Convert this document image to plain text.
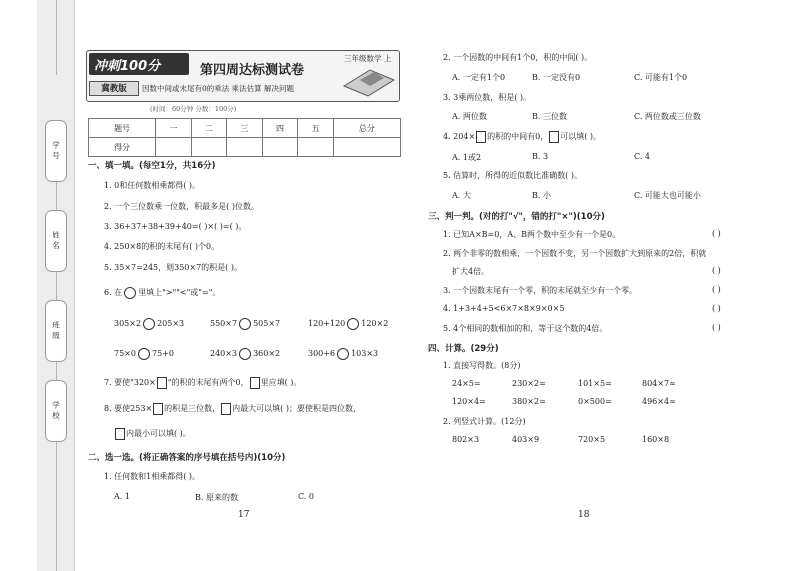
学号
姓名
班级
学校
冲刺100分
冀教版
第四周达标测试卷
三年级数学 上
因数中间或末尾有0的乘法 乘法估算 解决问题
(时间：60分钟 分数：100分)
题号	一	二	三	四	五	总分
得分						
一、填一填。(每空1分，共16分)
1. 0和任何数相乘都得( )。
2. 一个三位数乘一位数，积最多是( )位数。
3. 36+37+38+39+40=( )×( )=( )。
4. 250×8的积的末尾有( )个0。
5. 35×7=245，则350×7的积是( )。
6. 在 里填上">""<"或"="。
305×2 205×3	550×7 505×7	120+120 120×2
75×0 75+0	240×3 360×2	300+6 103×3
7. 要使"320× "的积的末尾有两个0， 里应填( )。
8. 要使253× 的积是三位数， 内最大可以填( )；要使积是四位数，
内最小可以填( )。
二、选一选。(将正确答案的序号填在括号内)(10分)
1. 任何数和1相乘都得( )。
A. 1	B. 原来的数	C. 0
17
2. 一个因数的中间有1个0，积的中间( )。
A. 一定有1个0	B. 一定没有0	C. 可能有1个0
3. 3乘两位数，积是( )。
A. 两位数	B. 三位数	C. 两位数或三位数
4. 204× 的积的中间有0， 可以填( )。
A. 1或2	B. 3	C. 4
5. 估算时，所得的近似数比准确数( )。
A. 大	B. 小	C. 可能大也可能小
三、判一判。(对的打"√"，错的打"×")(10分)
1. 已知A×B=0，A、B两个数中至少有一个是0。	( )
2. 两个非零的数相乘，一个因数不变，另一个因数扩大到原来的2倍，积就
扩大4倍。	( )
3. 一个因数末尾有一个零，积的末尾就至少有一个零。	( )
4. 1+3+4+5<6×7×8×9×0×5	( )
5. 4个相同的数相加的和，等于这个数的4倍。	( )
四、计算。(29分)
1. 直接写得数。(8分)
24×5=	230×2=	101×5=	804×7≈
120×4=	380×2=	0×500=	496×4≈
2. 列竖式计算。(12分)
802×3	403×9	720×5	160×8
18
